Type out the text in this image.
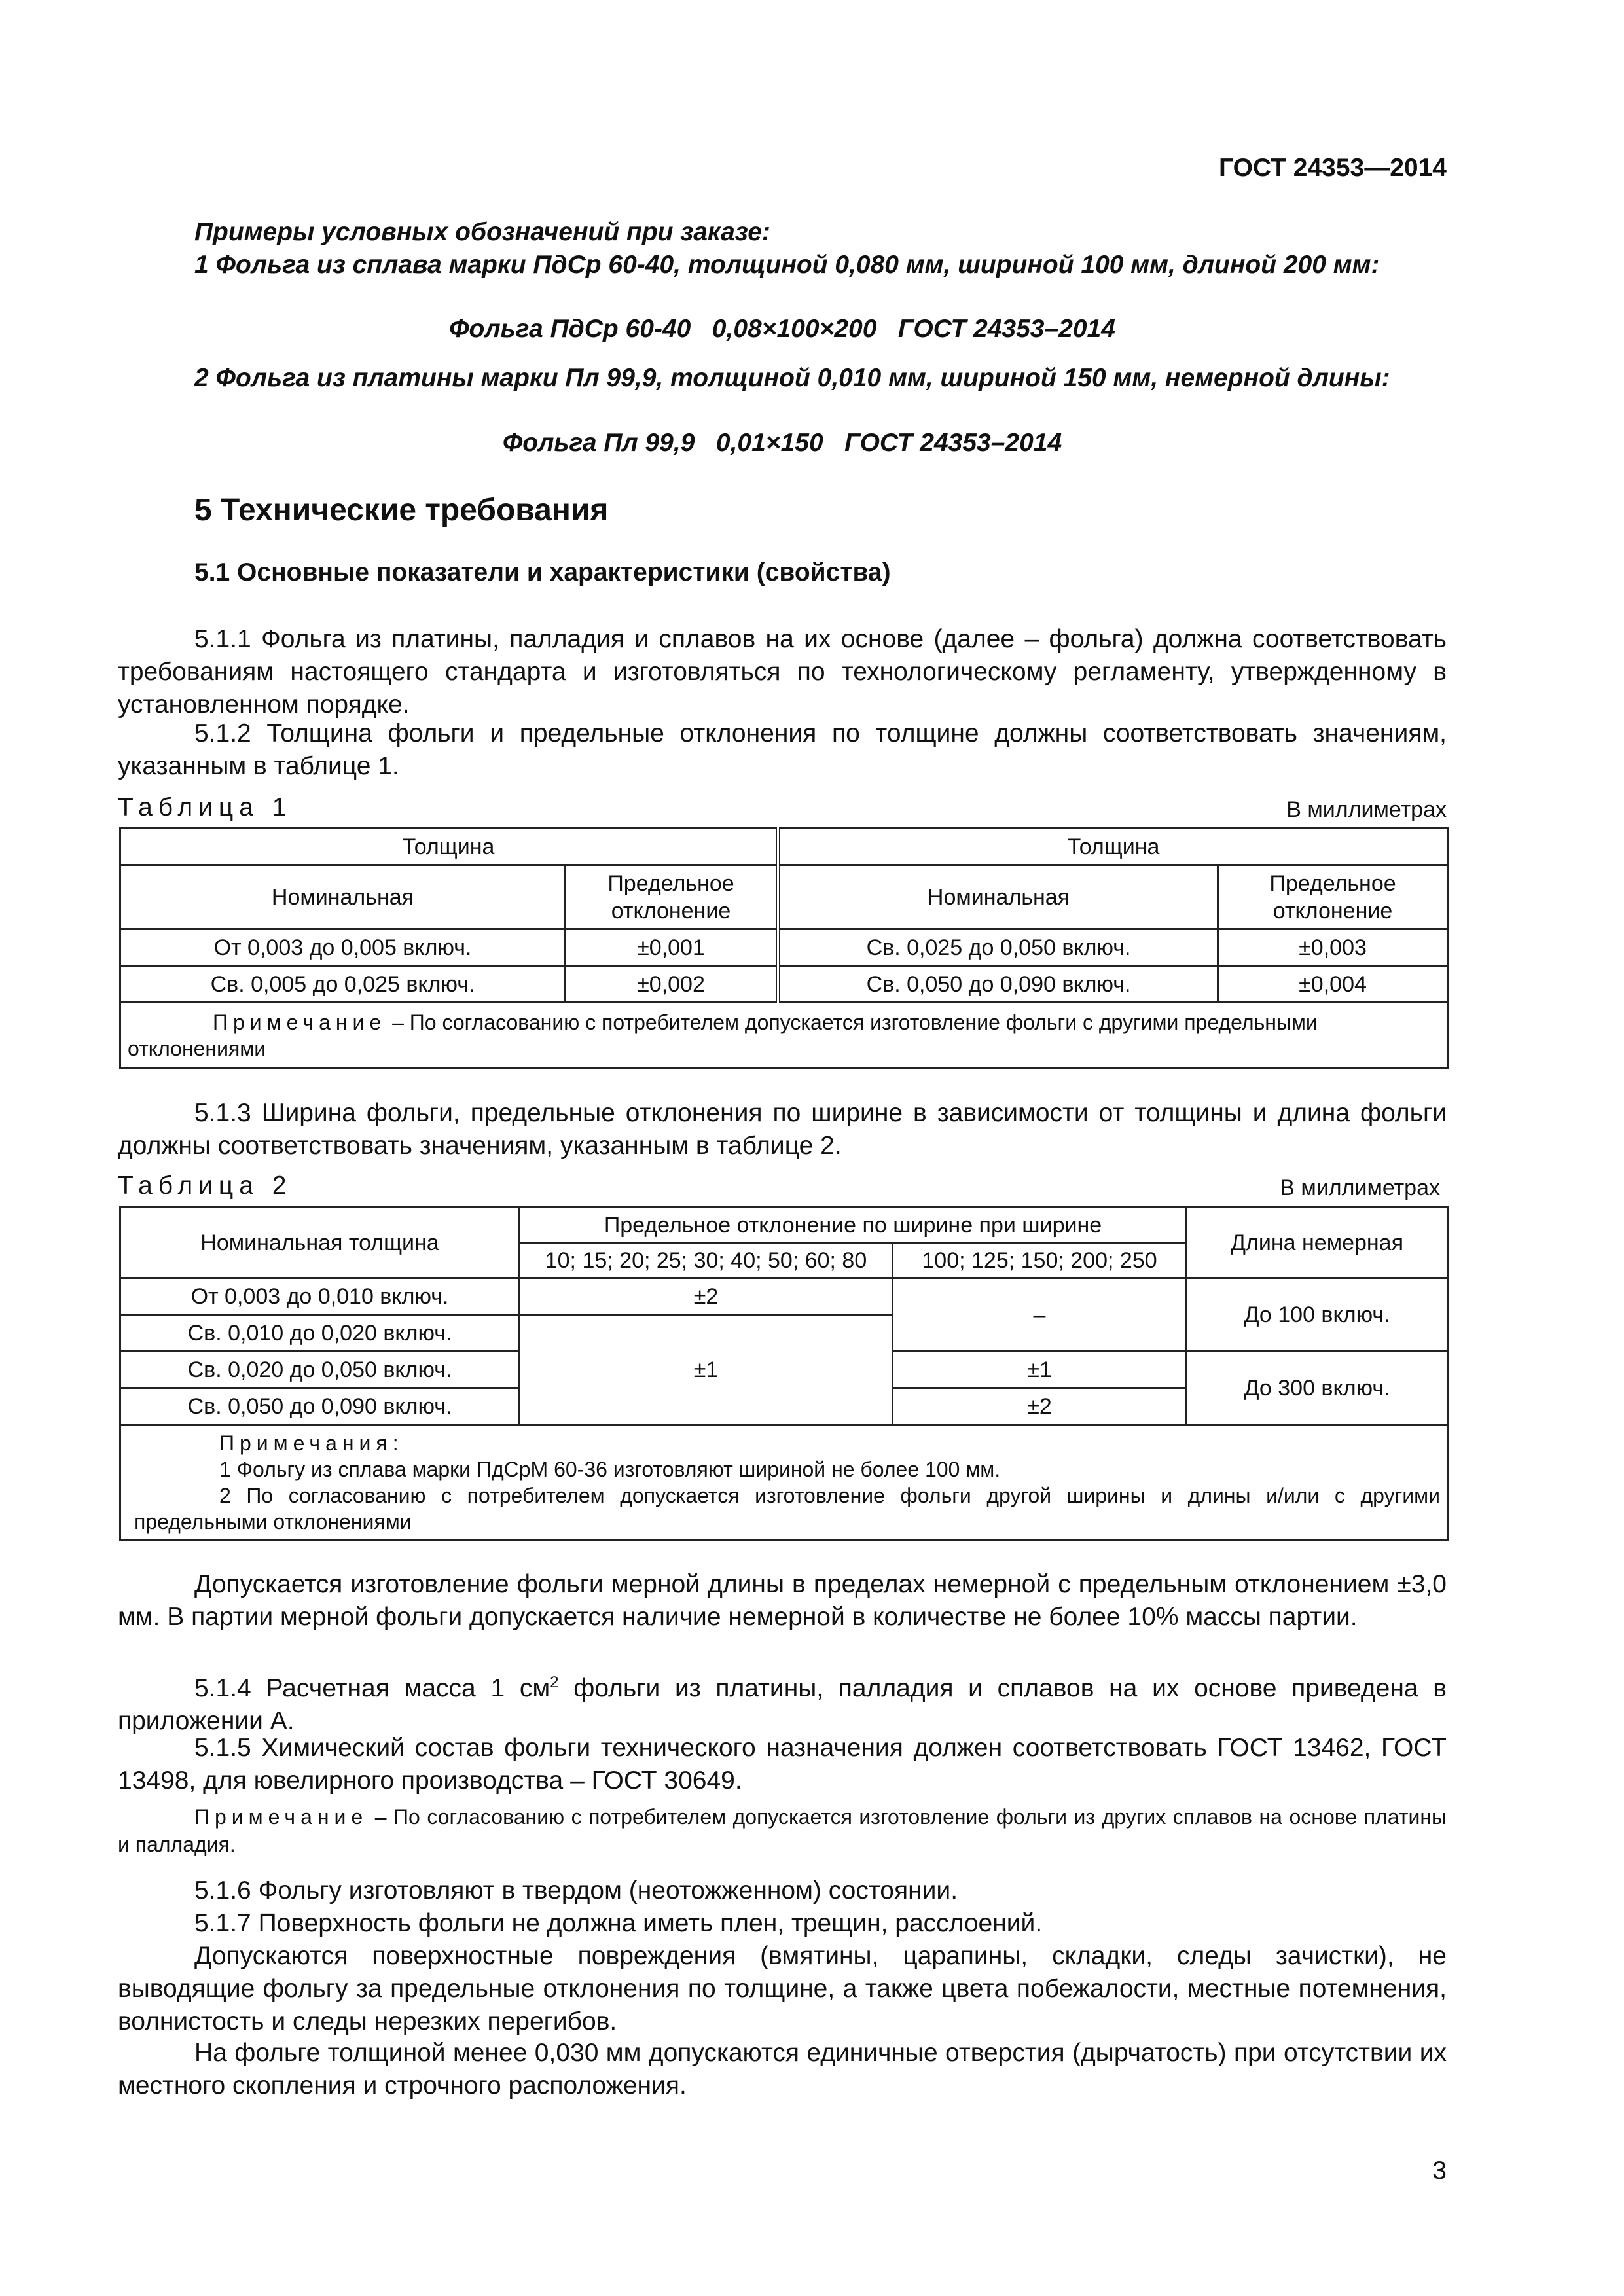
ГОСТ 24353—2014
Примеры условных обозначений при заказе:
1 Фольга из сплава марки ПдСр 60-40, толщиной 0,080 мм, шириной 100 мм, длиной 200 мм:
Фольга ПдСр 60-40   0,08×100×200   ГОСТ 24353–2014
2 Фольга из платины марки Пл 99,9, толщиной 0,010 мм, шириной 150 мм, немерной длины:
Фольга Пл 99,9   0,01×150   ГОСТ 24353–2014
5 Технические требования
5.1 Основные показатели и характеристики (свойства)
5.1.1 Фольга из платины, палладия и сплавов на их основе (далее – фольга) должна соответствовать требованиям настоящего стандарта и изготовляться по технологическому регламенту, утвержденному в установленном порядке.
5.1.2 Толщина фольги и предельные отклонения по толщине должны соответствовать значениям, указанным в таблице 1.
Таблица 1	В миллиметрах
Толщина		Толщина	
Номинальная	Предельное отклонение	Номинальная	Предельное отклонение
От 0,003 до 0,005 включ.	±0,001	Св. 0,025 до 0,050 включ.	±0,003
Св. 0,005 до 0,025 включ.	±0,002	Св. 0,050 до 0,090 включ.	±0,004
Примечание – По согласованию с потребителем допускается изготовление фольги с другими предельными отклонениями			
5.1.3 Ширина фольги, предельные отклонения по ширине в зависимости от толщины и длина фольги должны соответствовать значениям, указанным в таблице 2.
Таблица 2	В миллиметрах
Номинальная толщина	Предельное отклонение по ширине при ширине		Длина немерная
	10; 15; 20; 25; 30; 40; 50; 60; 80	100; 125; 150; 200; 250	
От 0,003 до 0,010 включ.	±2	–	До 100 включ.
Св. 0,010 до 0,020 включ.	±1		
Св. 0,020 до 0,050 включ.		±1	До 300 включ.
Св. 0,050 до 0,090 включ.		±2	

Примечания:
1 Фольгу из сплава марки ПдСрМ 60-36 изготовляют шириной не более 100 мм.
2 По согласованию с потребителем допускается изготовление фольги другой ширины и длины и/или с другими предельными отклонениями			
Допускается изготовление фольги мерной длины в пределах немерной с предельным отклонением ±3,0 мм. В партии мерной фольги допускается наличие немерной в количестве не более 10% массы партии.
5.1.4 Расчетная масса 1 $см^2$ фольги из платины, палладия и сплавов на их основе приведена в приложении А.
5.1.5 Химический состав фольги технического назначения должен соответствовать ГОСТ 13462, ГОСТ 13498, для ювелирного производства – ГОСТ 30649.
Примечание – По согласованию с потребителем допускается изготовление фольги из других сплавов на основе платины и палладия.
5.1.6 Фольгу изготовляют в твердом (неотожженном) состоянии.
5.1.7 Поверхность фольги не должна иметь плен, трещин, расслоений.
Допускаются поверхностные повреждения (вмятины, царапины, складки, следы зачистки), не выводящие фольгу за предельные отклонения по толщине, а также цвета побежалости, местные потемнения, волнистость и следы нерезких перегибов.
На фольге толщиной менее 0,030 мм допускаются единичные отверстия (дырчатость) при отсутствии их местного скопления и строчного расположения.
3
